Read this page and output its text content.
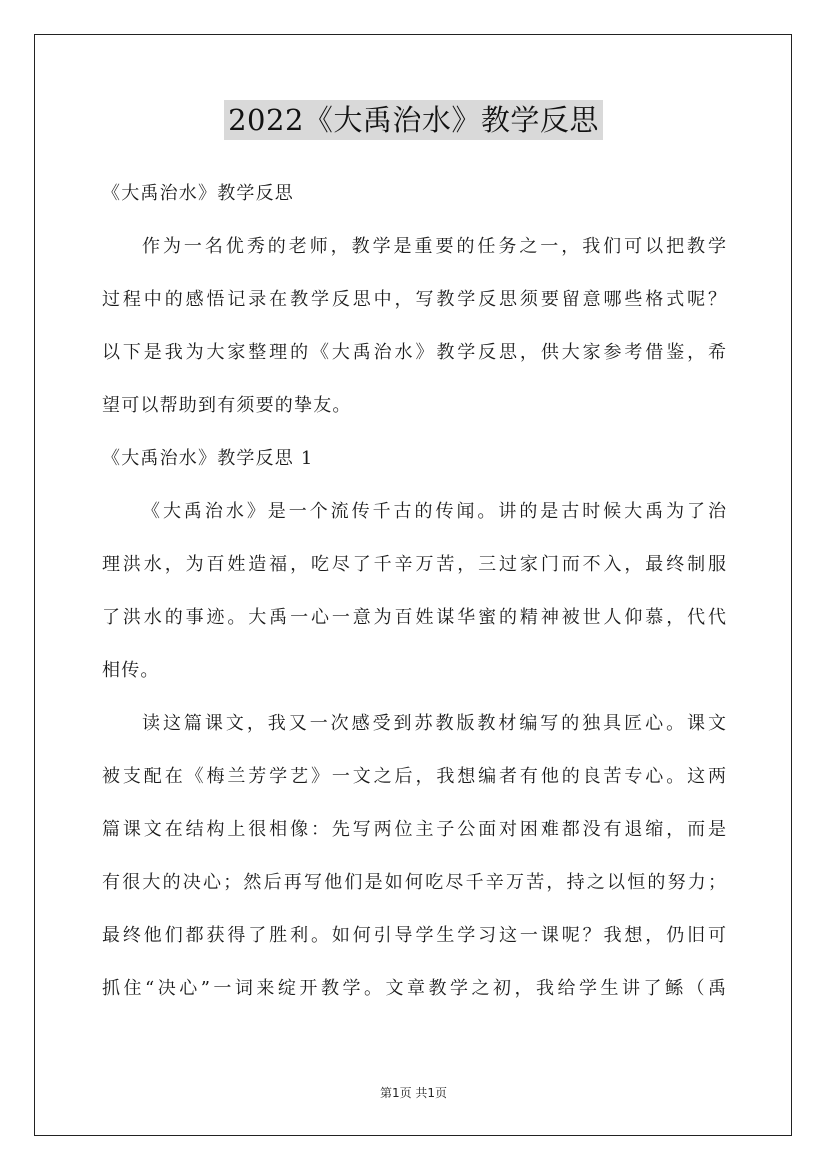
2022《大禹治水》教学反思
《大禹治水》教学反思
作为一名优秀的老师，教学是重要的任务之一，我们可以把教学
过程中的感悟记录在教学反思中，写教学反思须要留意哪些格式呢？
以下是我为大家整理的《大禹治水》教学反思，供大家参考借鉴，希
望可以帮助到有须要的挚友。
《大禹治水》教学反思 1
《大禹治水》是一个流传千古的传闻。讲的是古时候大禹为了治
理洪水，为百姓造福，吃尽了千辛万苦，三过家门而不入，最终制服
了洪水的事迹。大禹一心一意为百姓谋华蜜的精神被世人仰慕，代代
相传。
读这篇课文，我又一次感受到苏教版教材编写的独具匠心。课文
被支配在《梅兰芳学艺》一文之后，我想编者有他的良苦专心。这两
篇课文在结构上很相像：先写两位主子公面对困难都没有退缩，而是
有很大的决心；然后再写他们是如何吃尽千辛万苦，持之以恒的努力；
最终他们都获得了胜利。如何引导学生学习这一课呢？我想，仍旧可
抓住“决心”一词来绽开教学。文章教学之初，我给学生讲了鲧（禹
第1页 共1页
